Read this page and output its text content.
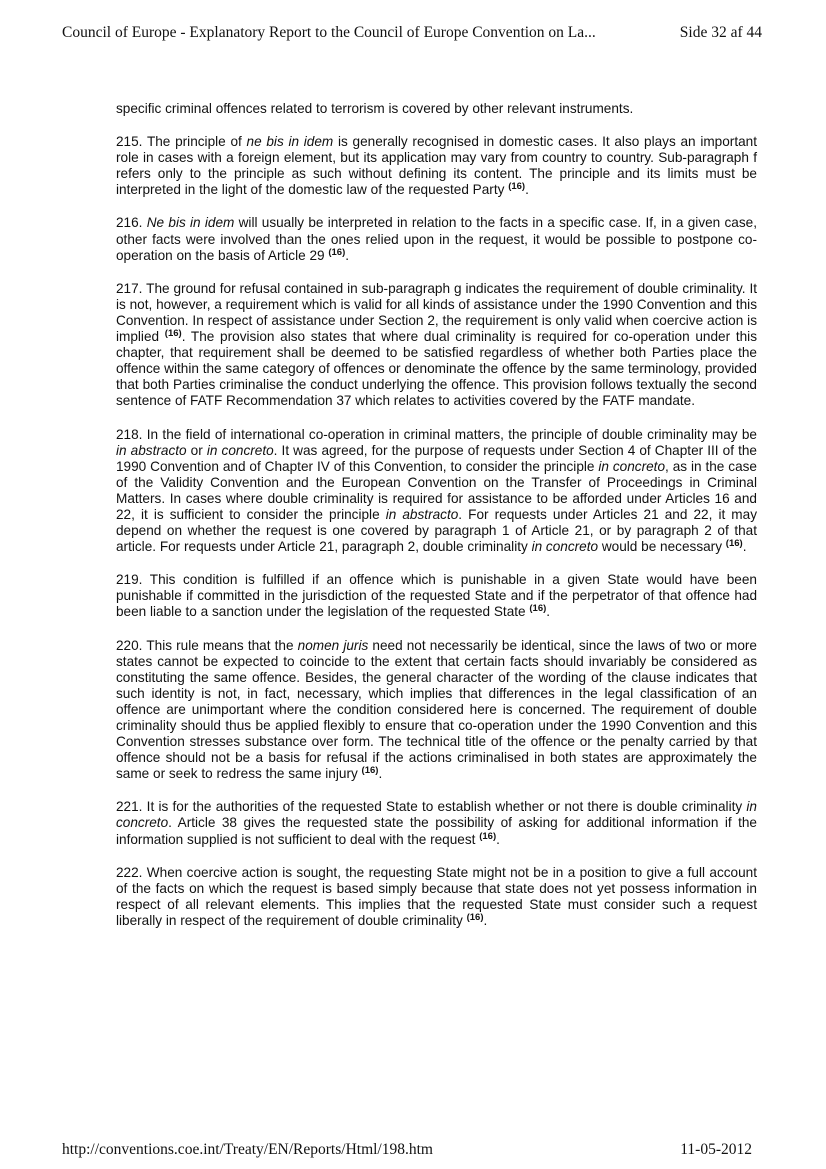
Council of Europe - Explanatory Report to the Council of Europe Convention on La...	Side 32 af 44

specific criminal offences related to terrorism is covered by other relevant instruments.

215. The principle of ne bis in idem is generally recognised in domestic cases. It also plays an important role in cases with a foreign element, but its application may vary from country to country. Sub-paragraph f refers only to the principle as such without defining its content. The principle and its limits must be interpreted in the light of the domestic law of the requested Party $^{(16)}$.

216. Ne bis in idem will usually be interpreted in relation to the facts in a specific case. If, in a given case, other facts were involved than the ones relied upon in the request, it would be possible to postpone co-operation on the basis of Article 29 $^{(16)}$.

217. The ground for refusal contained in sub-paragraph g indicates the requirement of double criminality. It is not, however, a requirement which is valid for all kinds of assistance under the 1990 Convention and this Convention. In respect of assistance under Section 2, the requirement is only valid when coercive action is implied $^{(16)}$. The provision also states that where dual criminality is required for co-operation under this chapter, that requirement shall be deemed to be satisfied regardless of whether both Parties place the offence within the same category of offences or denominate the offence by the same terminology, provided that both Parties criminalise the conduct underlying the offence. This provision follows textually the second sentence of FATF Recommendation 37 which relates to activities covered by the FATF mandate.

218. In the field of international co-operation in criminal matters, the principle of double criminality may be in abstracto or in concreto. It was agreed, for the purpose of requests under Section 4 of Chapter III of the 1990 Convention and of Chapter IV of this Convention, to consider the principle in concreto, as in the case of the Validity Convention and the European Convention on the Transfer of Proceedings in Criminal Matters. In cases where double criminality is required for assistance to be afforded under Articles 16 and 22, it is sufficient to consider the principle in abstracto. For requests under Articles 21 and 22, it may depend on whether the request is one covered by paragraph 1 of Article 21, or by paragraph 2 of that article. For requests under Article 21, paragraph 2, double criminality in concreto would be necessary $^{(16)}$.

219. This condition is fulfilled if an offence which is punishable in a given State would have been punishable if committed in the jurisdiction of the requested State and if the perpetrator of that offence had been liable to a sanction under the legislation of the requested State $^{(16)}$.

220. This rule means that the nomen juris need not necessarily be identical, since the laws of two or more states cannot be expected to coincide to the extent that certain facts should invariably be considered as constituting the same offence. Besides, the general character of the wording of the clause indicates that such identity is not, in fact, necessary, which implies that differences in the legal classification of an offence are unimportant where the condition considered here is concerned. The requirement of double criminality should thus be applied flexibly to ensure that co-operation under the 1990 Convention and this Convention stresses substance over form. The technical title of the offence or the penalty carried by that offence should not be a basis for refusal if the actions criminalised in both states are approximately the same or seek to redress the same injury $^{(16)}$.

221. It is for the authorities of the requested State to establish whether or not there is double criminality in concreto. Article 38 gives the requested state the possibility of asking for additional information if the information supplied is not sufficient to deal with the request $^{(16)}$.

222. When coercive action is sought, the requesting State might not be in a position to give a full account of the facts on which the request is based simply because that state does not yet possess information in respect of all relevant elements. This implies that the requested State must consider such a request liberally in respect of the requirement of double criminality $^{(16)}$.

http://conventions.coe.int/Treaty/EN/Reports/Html/198.htm	11-05-2012
